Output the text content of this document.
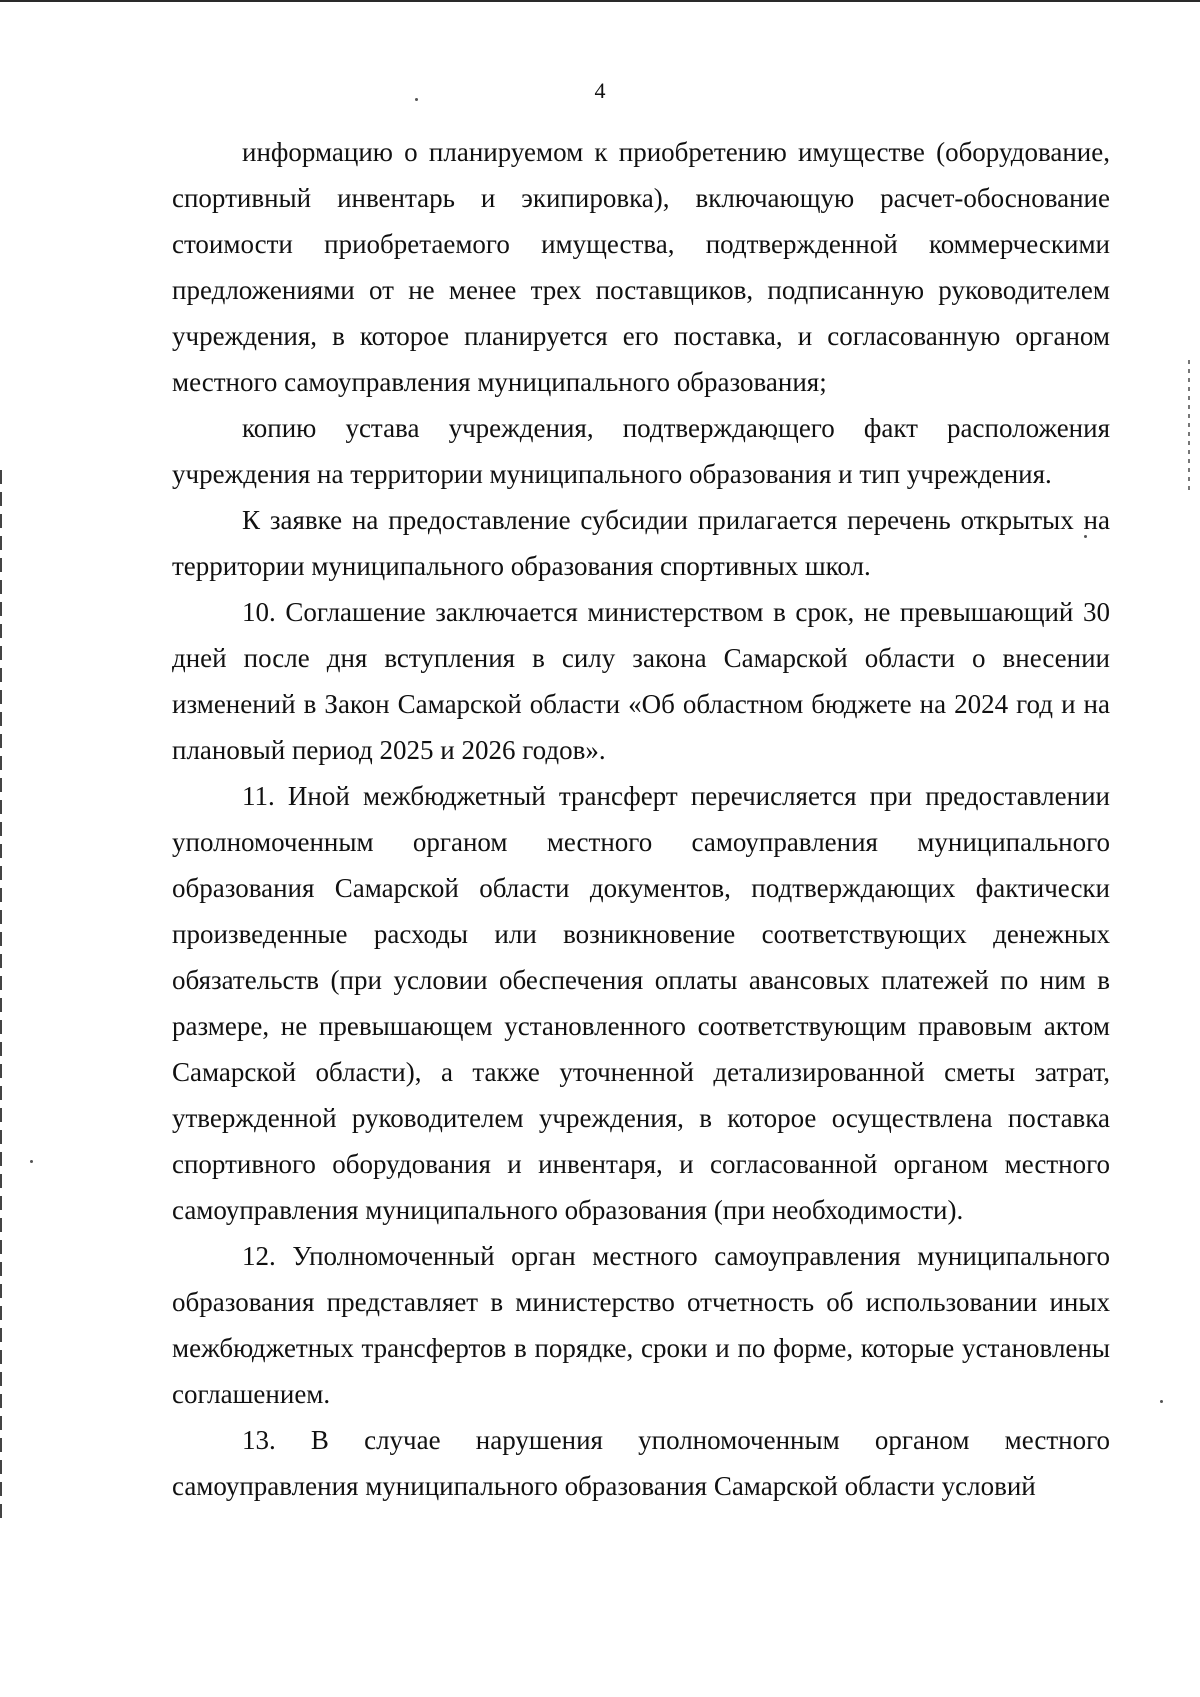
4

информацию о планируемом к приобретению имуществе (оборудование, спортивный инвентарь и экипировка), включающую расчет-обоснование стоимости приобретаемого имущества, подтвержденной коммерческими предложениями от не менее трех поставщиков, подписанную руководителем учреждения, в которое планируется его поставка, и согласованную органом местного самоуправления муниципального образования;

копию устава учреждения, подтверждающего факт расположения учреждения на территории муниципального образования и тип учреждения.

К заявке на предоставление субсидии прилагается перечень открытых на территории муниципального образования спортивных школ.

10. Соглашение заключается министерством в срок, не превышающий 30 дней после дня вступления в силу закона Самарской области о внесении изменений в Закон Самарской области «Об областном бюджете на 2024 год и на плановый период 2025 и 2026 годов».

11. Иной межбюджетный трансферт перечисляется при предоставлении уполномоченным органом местного самоуправления муниципального образования Самарской области документов, подтверждающих фактически произведенные расходы или возникновение соответствующих денежных обязательств (при условии обеспечения оплаты авансовых платежей по ним в размере, не превышающем установленного соответствующим правовым актом Самарской области), а также уточненной детализированной сметы затрат, утвержденной руководителем учреждения, в которое осуществлена поставка спортивного оборудования и инвентаря, и согласованной органом местного самоуправления муниципального образования (при необходимости).

12. Уполномоченный орган местного самоуправления муниципального образования представляет в министерство отчетность об использовании иных межбюджетных трансфертов в порядке, сроки и по форме, которые установлены соглашением.

13. В случае нарушения уполномоченным органом местного самоуправления муниципального образования Самарской области условий
